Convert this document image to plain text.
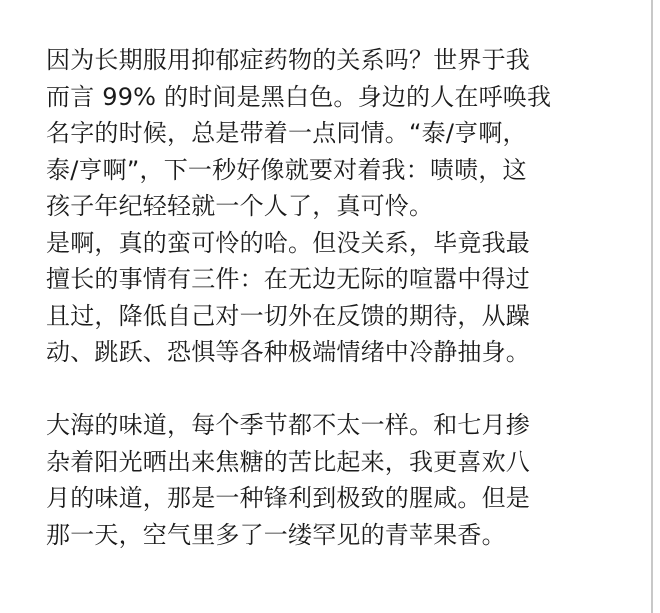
因为长期服用抑郁症药物的关系吗？世界于我
而言 99% 的时间是黑白色。身边的人在呼唤我
名字的时候，总是带着一点同情。“泰/亨啊，
泰/亨啊”，下一秒好像就要对着我：啧啧，这
孩子年纪轻轻就一个人了，真可怜。
是啊，真的蛮可怜的哈。但没关系，毕竟我最
擅长的事情有三件：在无边无际的喧嚣中得过
且过，降低自己对一切外在反馈的期待，从躁
动、跳跃、恐惧等各种极端情绪中冷静抽身。
大海的味道，每个季节都不太一样。和七月掺
杂着阳光晒出来焦糖的苦比起来，我更喜欢八
月的味道，那是一种锋利到极致的腥咸。但是
那一天，空气里多了一缕罕见的青苹果香。
